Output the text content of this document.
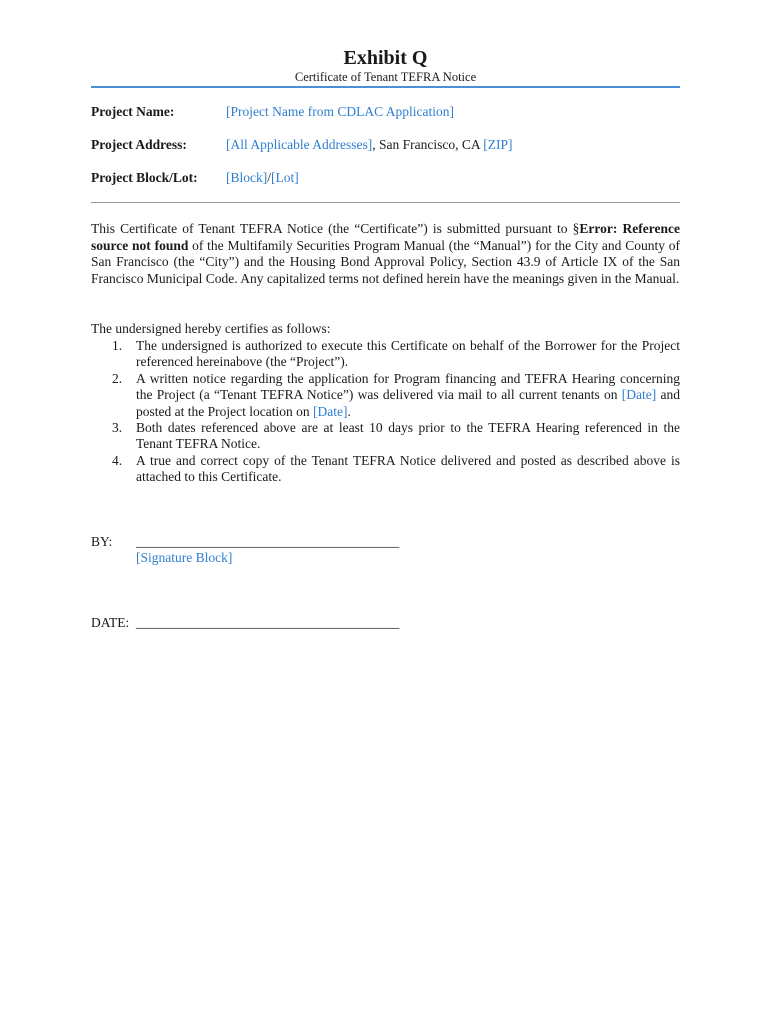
Exhibit Q
Certificate of Tenant TEFRA Notice
Project Name:	[Project Name from CDLAC Application]
Project Address:	[All Applicable Addresses], San Francisco, CA [ZIP]
Project Block/Lot: [Block]/[Lot]
This Certificate of Tenant TEFRA Notice (the “Certificate”) is submitted pursuant to §Error: Reference source not found of the Multifamily Securities Program Manual (the “Manual”) for the City and County of San Francisco (the “City”) and the Housing Bond Approval Policy, Section 43.9 of Article IX of the San Francisco Municipal Code. Any capitalized terms not defined herein have the meanings given in the Manual.
The undersigned hereby certifies as follows:
1. The undersigned is authorized to execute this Certificate on behalf of the Borrower for the Project referenced hereinabove (the “Project”).
2. A written notice regarding the application for Program financing and TEFRA Hearing concerning the Project (a “Tenant TEFRA Notice”) was delivered via mail to all current tenants on [Date] and posted at the Project location on [Date].
3. Both dates referenced above are at least 10 days prior to the TEFRA Hearing referenced in the Tenant TEFRA Notice.
4. A true and correct copy of the Tenant TEFRA Notice delivered and posted as described above is attached to this Certificate.
BY: _______________________________________
[Signature Block]
DATE: _______________________________________
